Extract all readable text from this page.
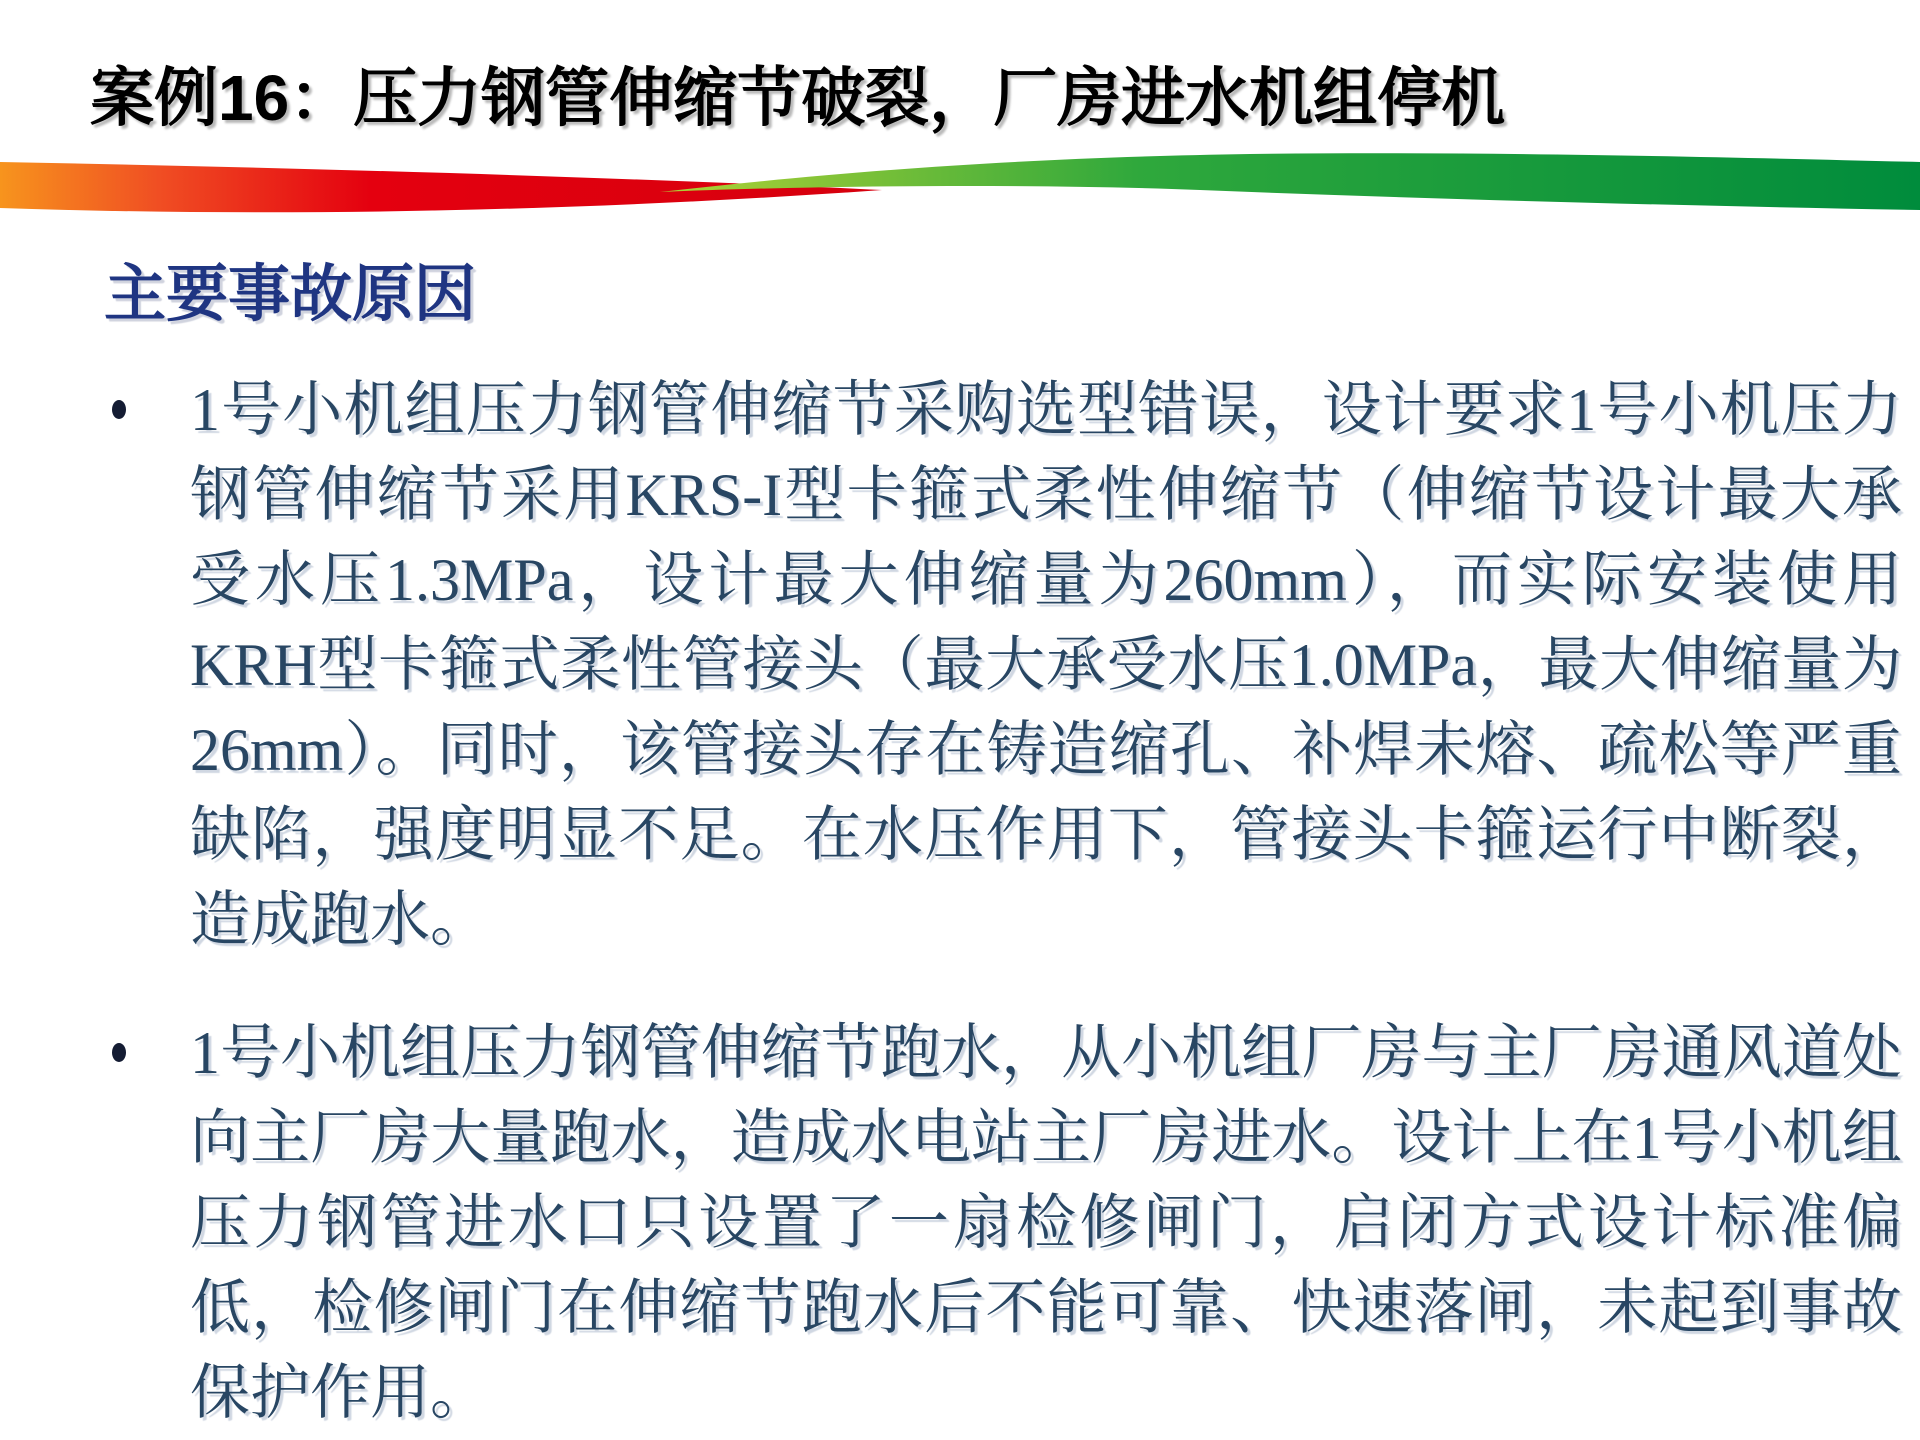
案例16：压力钢管伸缩节破裂，厂房进水机组停机
主要事故原因
1号小机组压力钢管伸缩节采购选型错误，设计要求1号小机压力钢管伸缩节采用KRS-I型卡箍式柔性伸缩节（伸缩节设计最大承受水压1.3MPa，设计最大伸缩量为260mm），而实际安装使用KRH型卡箍式柔性管接头（最大承受水压1.0MPa，最大伸缩量为26mm）。同时，该管接头存在铸造缩孔、补焊未熔、疏松等严重缺陷，强度明显不足。在水压作用下，管接头卡箍运行中断裂，造成跑水。
1号小机组压力钢管伸缩节跑水，从小机组厂房与主厂房通风道处向主厂房大量跑水，造成水电站主厂房进水。设计上在1号小机组压力钢管进水口只设置了一扇检修闸门，启闭方式设计标准偏低，检修闸门在伸缩节跑水后不能可靠、快速落闸，未起到事故保护作用。
